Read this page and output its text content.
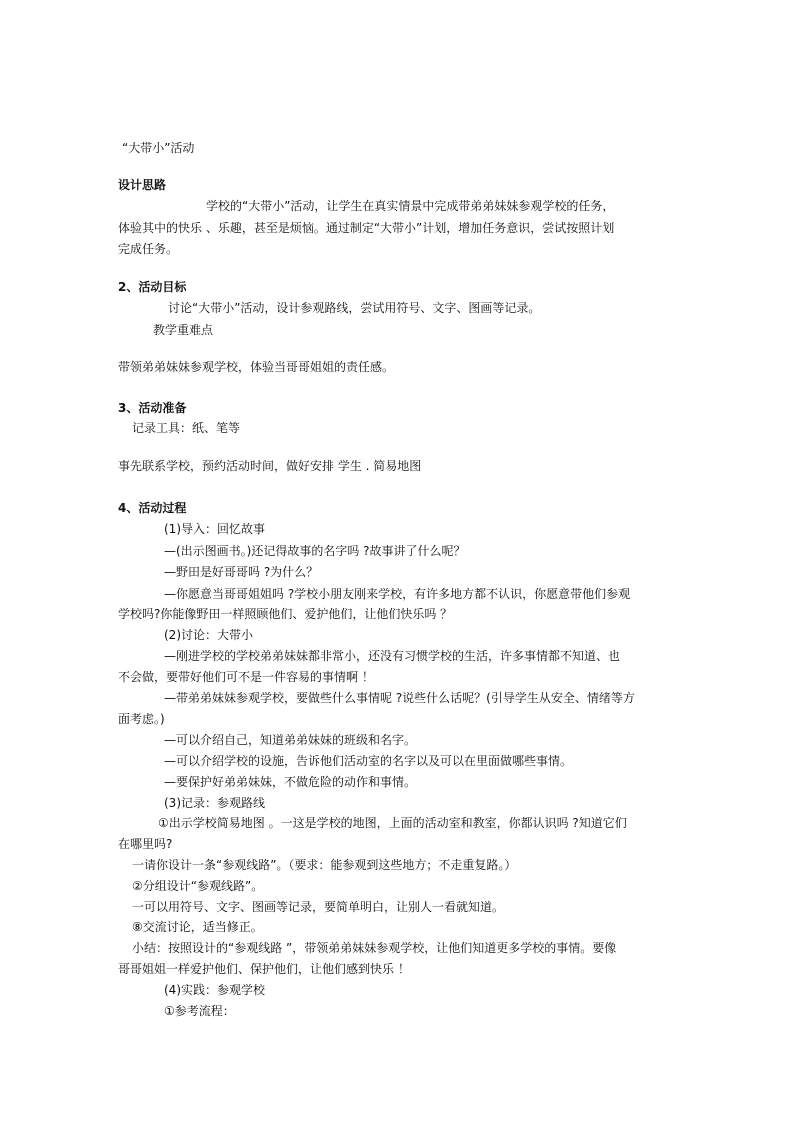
“大带小”活动
设计思路
学校的“大带小”活动，让学生在真实情景中完成带弟弟妹妹参观学校的任务，
体验其中的快乐 、乐趣，甚至是烦恼。通过制定“大带小”计划，增加任务意识，尝试按照计划
完成任务。
2、活动目标
讨论“大带小”活动，设计参观路线，尝试用符号、文字、图画等记录。
教学重难点
带领弟弟妹妹参观学校，体验当哥哥姐姐的责任感。
3、活动准备
记录工具：纸、笔等
事先联系学校，预约活动时间，做好安排 学生 . 简易地图
4、活动过程
(1)导入：回忆故事
—(出示图画书。)还记得故事的名字吗 ?故事讲了什么呢？
—野田是好哥哥吗 ?为什么？
—你愿意当哥哥姐姐吗 ?学校小朋友刚来学校，有许多地方都不认识，你愿意带他们参观
学校吗?你能像野田一样照顾他们、爱护他们，让他们快乐吗 ？
(2)讨论：大带小
—刚进学校的学校弟弟妹妹都非常小，还没有习惯学校的生活，许多事情都不知道、也
不会做，要带好他们可不是一件容易的事情啊 ！
—带弟弟妹妹参观学校，要做些什么事情呢 ?说些什么话呢？(引导学生从安全、情绪等方
面考虑。)
—可以介绍自己，知道弟弟妹妹的班级和名字。
—可以介绍学校的设施，告诉他们活动室的名字以及可以在里面做哪些事情。
—要保护好弟弟妹妹，不做危险的动作和事情。
(3)记录：参观路线
①出示学校简易地图 。一这是学校的地图，上面的活动室和教室，你都认识吗 ?知道它们
在哪里吗?
一请你设计一条“参观线路”。（要求：能参观到这些地方；不走重复路。）
②分组设计“参观线路”。
一可以用符号、文字、图画等记录，要简单明白，让别人一看就知道。
⑧交流讨论，适当修正。
小结：按照设计的“参观线路 ”，带领弟弟妹妹参观学校，让他们知道更多学校的事情。要像
哥哥姐姐一样爱护他们、保护他们，让他们感到快乐 ！
(4)实践：参观学校
①参考流程：
